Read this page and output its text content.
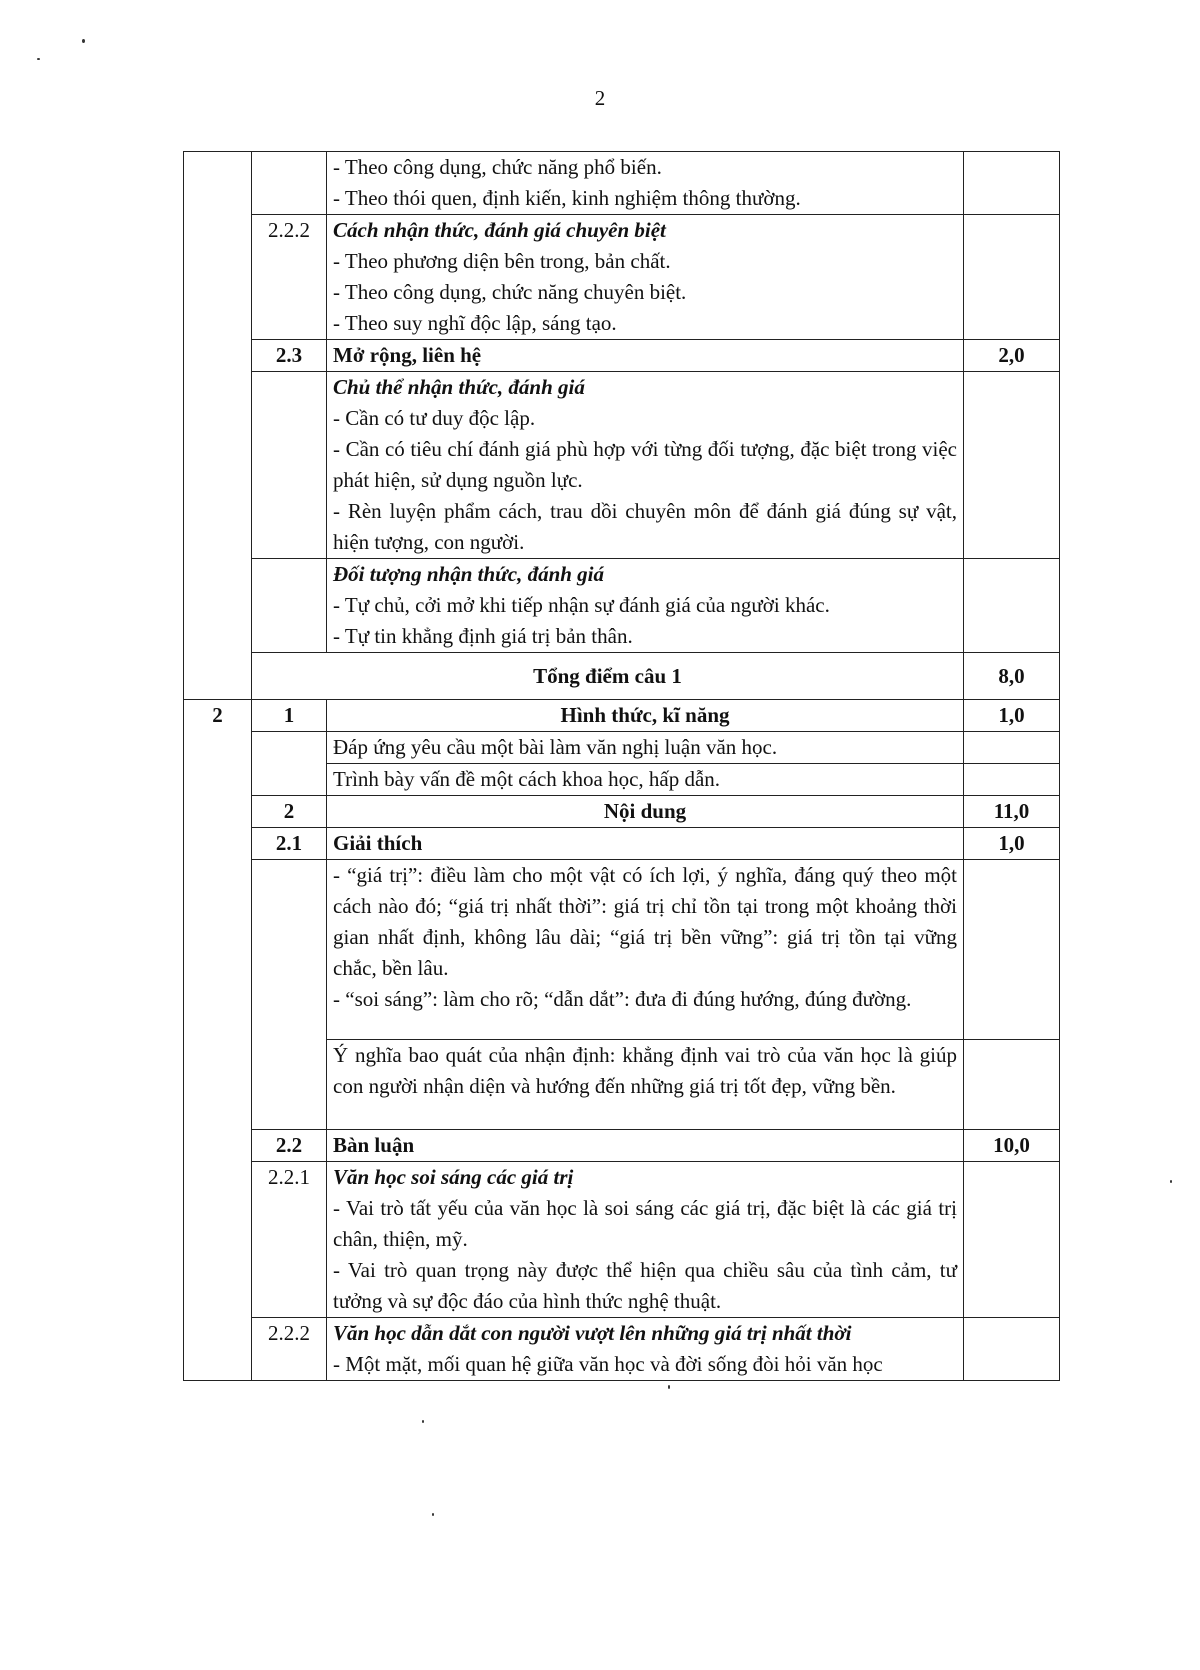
2

		- Theo công dụng, chức năng phổ biến.
- Theo thói quen, định kiến, kinh nghiệm thông thường.	

	2.2.2	Cách nhận thức, đánh giá chuyên biệt
- Theo phương diện bên trong, bản chất.
- Theo công dụng, chức năng chuyên biệt.
- Theo suy nghĩ độc lập, sáng tạo.	

	2.3	Mở rộng, liên hệ	2,0

		Chủ thể nhận thức, đánh giá
- Cần có tư duy độc lập.
- Cần có tiêu chí đánh giá phù hợp với từng đối tượng, đặc biệt trong việc phát hiện, sử dụng nguồn lực.
- Rèn luyện phẩm cách, trau dồi chuyên môn để đánh giá đúng sự vật, hiện tượng, con người.	

		Đối tượng nhận thức, đánh giá
- Tự chủ, cởi mở khi tiếp nhận sự đánh giá của người khác.
- Tự tin khẳng định giá trị bản thân.	

	Tổng điểm câu 1		8,0
2	1	Hình thức, kĩ năng	1,0
		Đáp ứng yêu cầu một bài làm văn nghị luận văn học.	
		Trình bày vấn đề một cách khoa học, hấp dẫn.	
	2	Nội dung	11,0
	2.1	Giải thích	1,0

		- “giá trị”: điều làm cho một vật có ích lợi, ý nghĩa, đáng quý theo một cách nào đó; “giá trị nhất thời”: giá trị chỉ tồn tại trong một khoảng thời gian nhất định, không lâu dài; “giá trị bền vững”: giá trị tồn tại vững chắc, bền lâu.
- “soi sáng”: làm cho rõ; “dẫn dắt”: đưa đi đúng hướng, đúng đường.	

		Ý nghĩa bao quát của nhận định: khẳng định vai trò của văn học là giúp con người nhận diện và hướng đến những giá trị tốt đẹp, vững bền.	
	2.2	Bàn luận	10,0
	2.2.1	Văn học soi sáng các giá trị
- Vai trò tất yếu của văn học là soi sáng các giá trị, đặc biệt là các giá trị chân, thiện, mỹ.
- Vai trò quan trọng này được thể hiện qua chiều sâu của tình cảm, tư tưởng và sự độc đáo của hình thức nghệ thuật.	

	2.2.2	Văn học dẫn dắt con người vượt lên những giá trị nhất thời
- Một mặt, mối quan hệ giữa văn học và đời sống đòi hỏi văn học	
